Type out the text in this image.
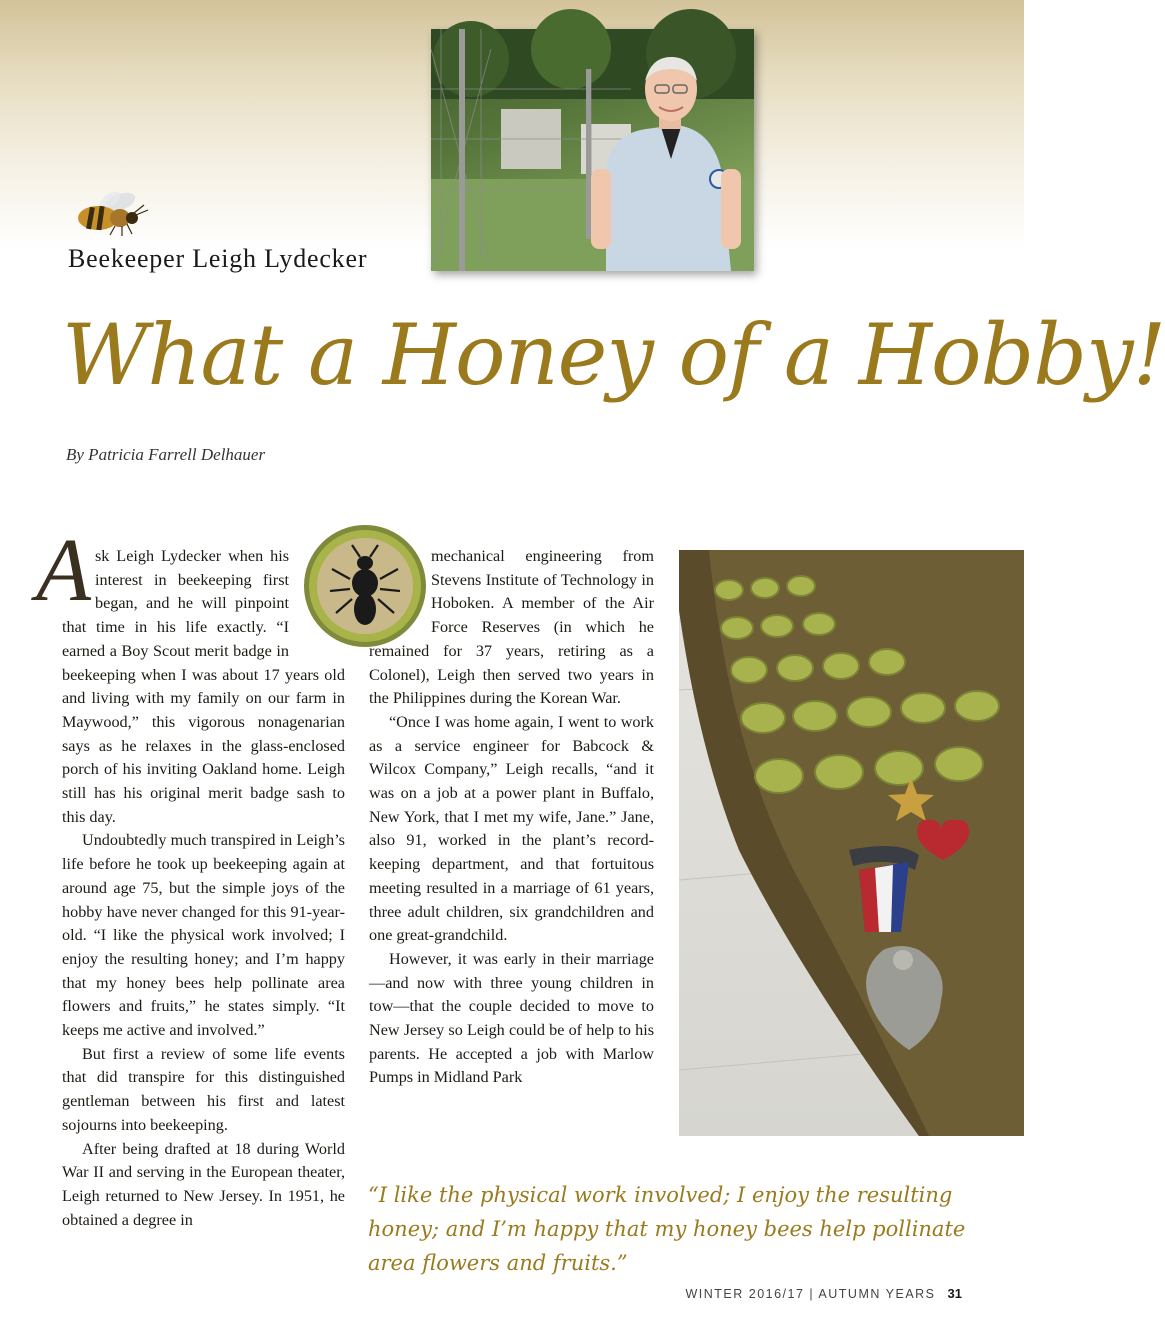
Beekeeper Leigh Lydecker
What a Honey of a Hobby!

By Patricia Farrell Delhauer

Ask Leigh Lydecker when his interest in beekeeping first began, and he will pinpoint that time in his life exactly. “I earned a Boy Scout merit badge in beekeeping when I was about 17 years old and living with my family on our farm in Maywood,” this vigorous nonagenarian says as he relaxes in the glass-enclosed porch of his inviting Oakland home. Leigh still has his original merit badge sash to this day.

Undoubtedly much transpired in Leigh’s life before he took up beekeeping again at around age 75, but the simple joys of the hobby have never changed for this 91-year-old. “I like the physical work involved; I enjoy the resulting honey; and I’m happy that my honey bees help pollinate area flowers and fruits,” he states simply. “It keeps me active and involved.”

But first a review of some life events that did transpire for this distinguished gentleman between his first and latest sojourns into beekeeping.

After being drafted at 18 during World War II and serving in the European theater, Leigh returned to New Jersey. In 1951, he obtained a degree in

mechanical engineering from Stevens Institute of Technology in Hoboken. A member of the Air Force Reserves (in which he remained for 37 years, retiring as a Colonel), Leigh then served two years in the Philippines during the Korean War.

“Once I was home again, I went to work as a service engineer for Babcock & Wilcox Company,” Leigh recalls, “and it was on a job at a power plant in Buffalo, New York, that I met my wife, Jane.” Jane, also 91, worked in the plant’s record-keeping department, and that fortuitous meeting resulted in a marriage of 61 years, three adult children, six grandchildren and one great-grandchild.

However, it was early in their marriage—and now with three young children in tow—that the couple decided to move to New Jersey so Leigh could be of help to his parents. He accepted a job with Marlow Pumps in Midland Park

“I like the physical work involved; I enjoy the resulting honey; and I’m happy that my honey bees help pollinate area flowers and fruits.”

WINTER 2016/17 | AUTUMN YEARS 31
